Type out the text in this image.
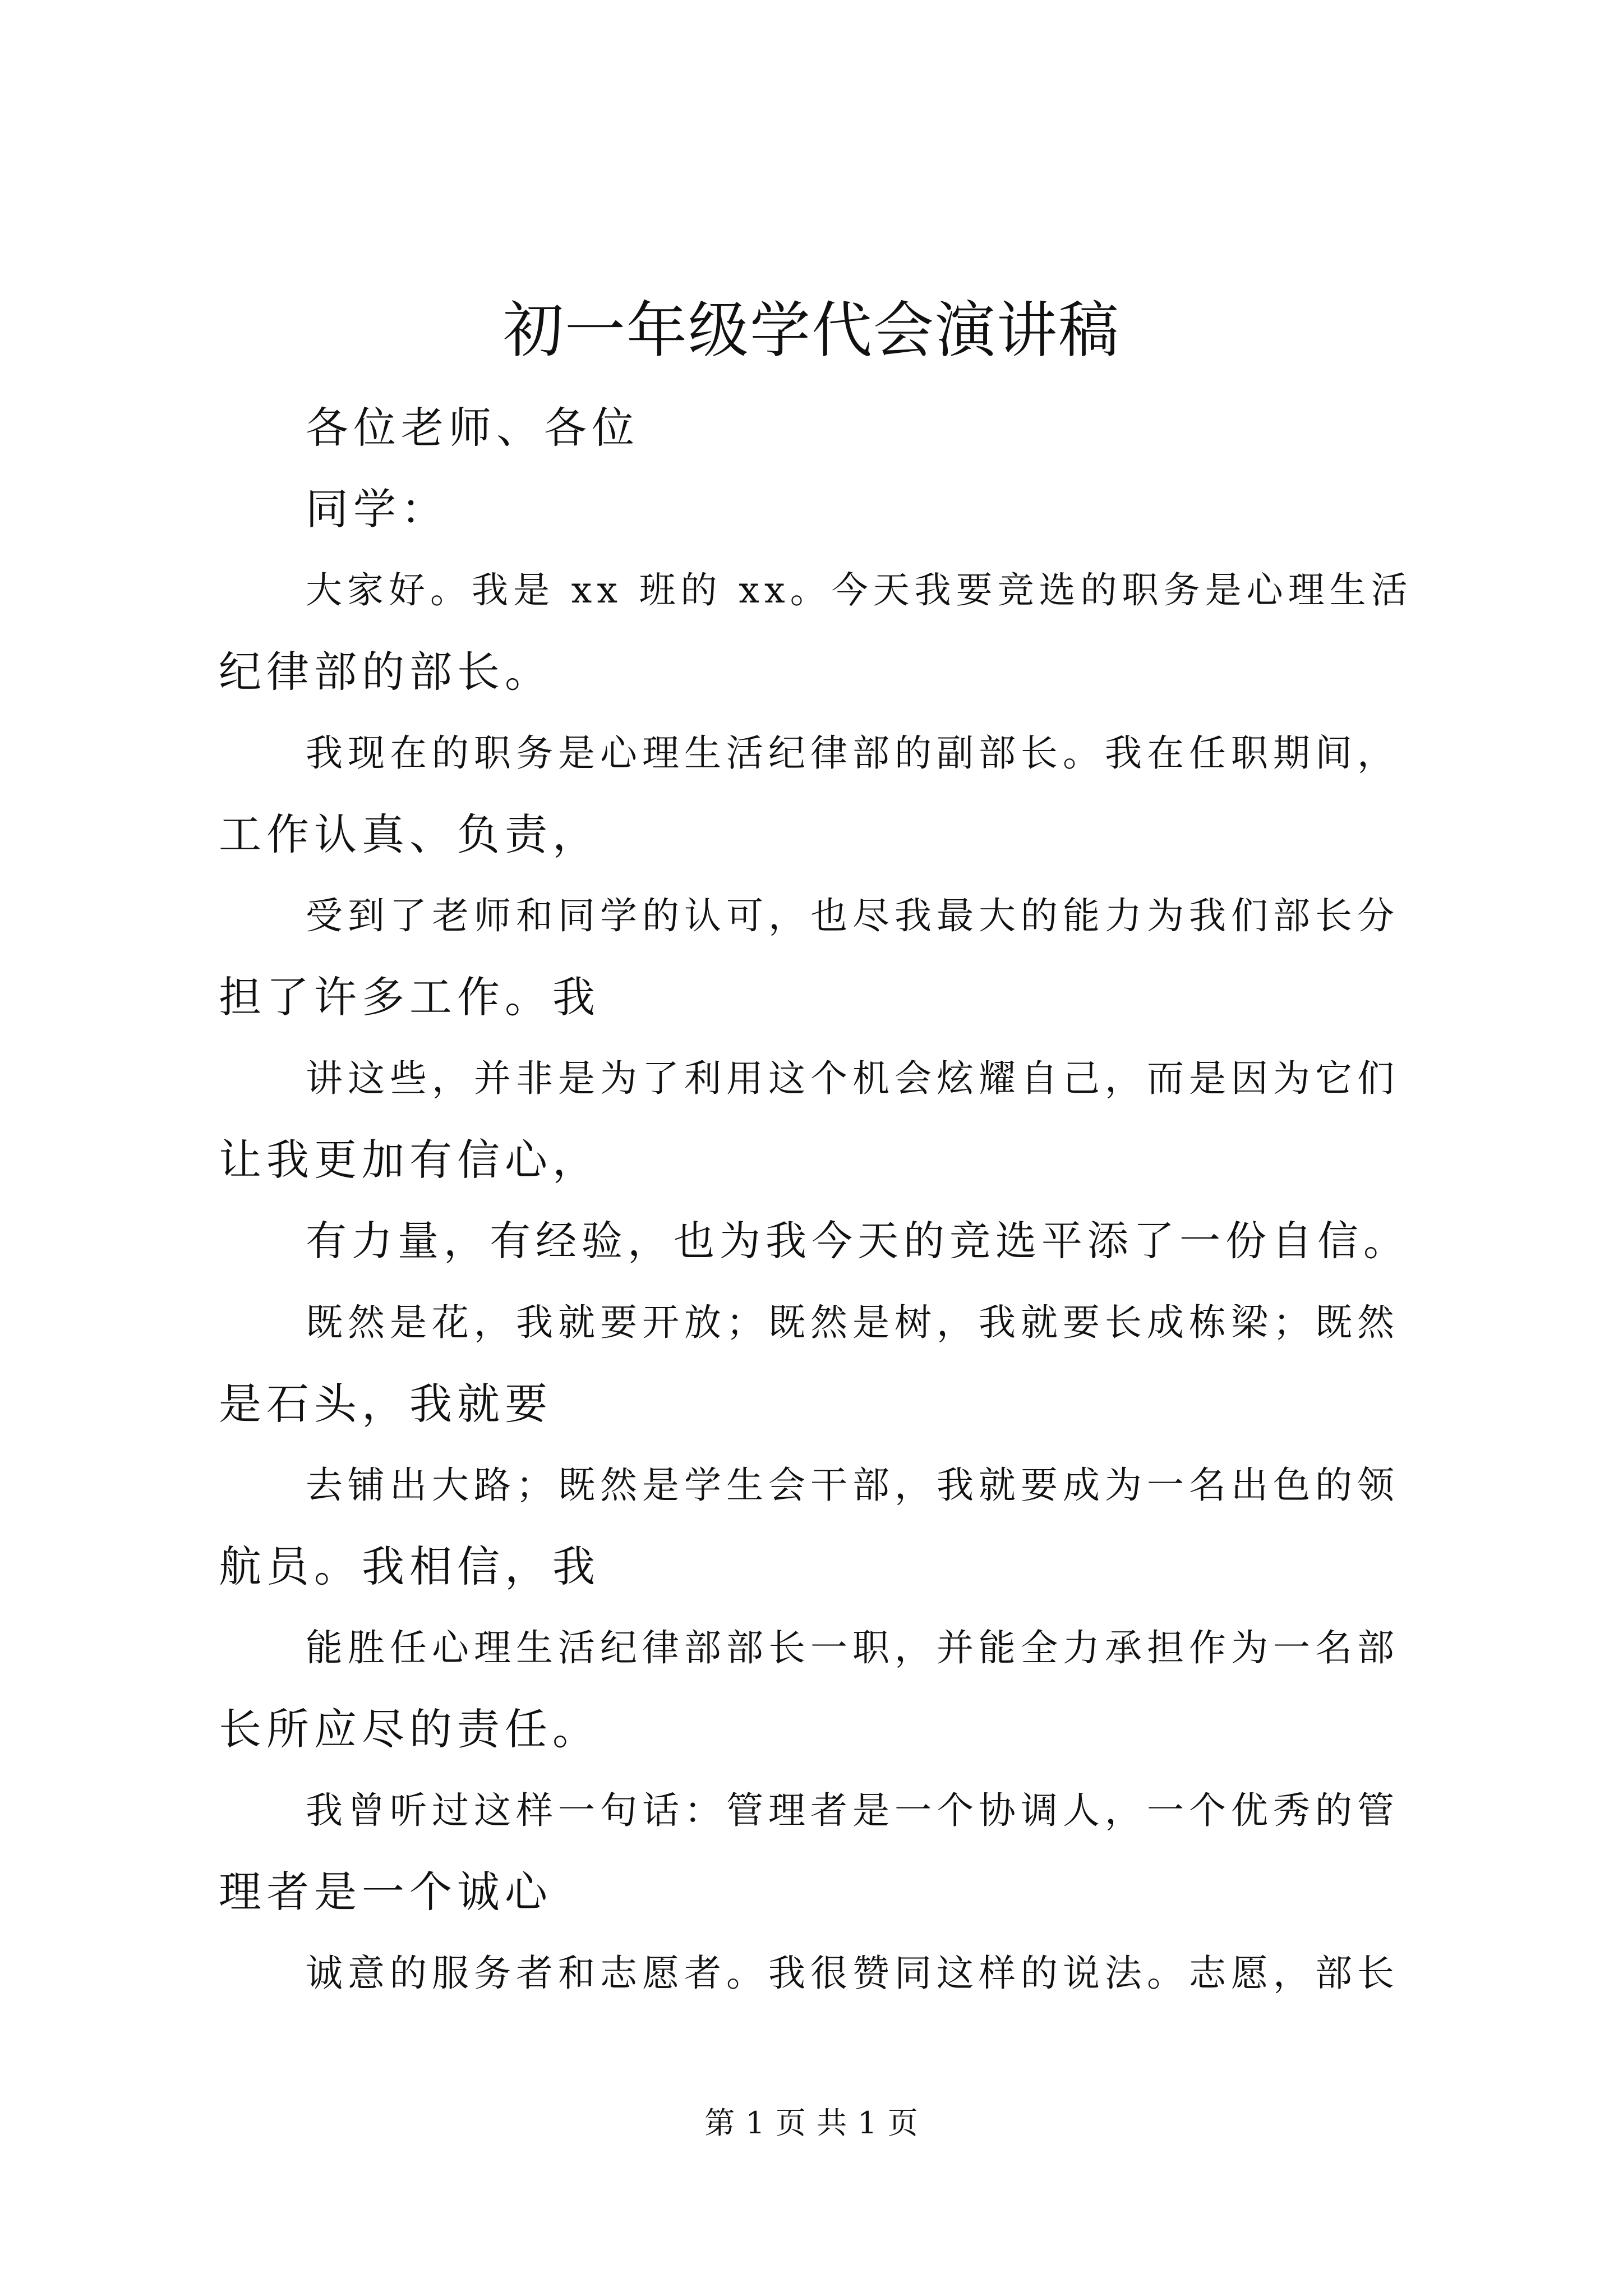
初一年级学代会演讲稿
各位老师、各位
同学：
大家好。我是 xx 班的 xx。今天我要竞选的职务是心理生活
纪律部的部长。
我现在的职务是心理生活纪律部的副部长。我在任职期间，
工作认真、负责，
受到了老师和同学的认可，也尽我最大的能力为我们部长分
担了许多工作。我
讲这些，并非是为了利用这个机会炫耀自己，而是因为它们
让我更加有信心，
有力量，有经验，也为我今天的竞选平添了一份自信。
既然是花，我就要开放；既然是树，我就要长成栋梁；既然
是石头，我就要
去铺出大路；既然是学生会干部，我就要成为一名出色的领
航员。我相信，我
能胜任心理生活纪律部部长一职，并能全力承担作为一名部
长所应尽的责任。
我曾听过这样一句话：管理者是一个协调人，一个优秀的管
理者是一个诚心
诚意的服务者和志愿者。我很赞同这样的说法。志愿，部长
第 1 页 共 1 页
